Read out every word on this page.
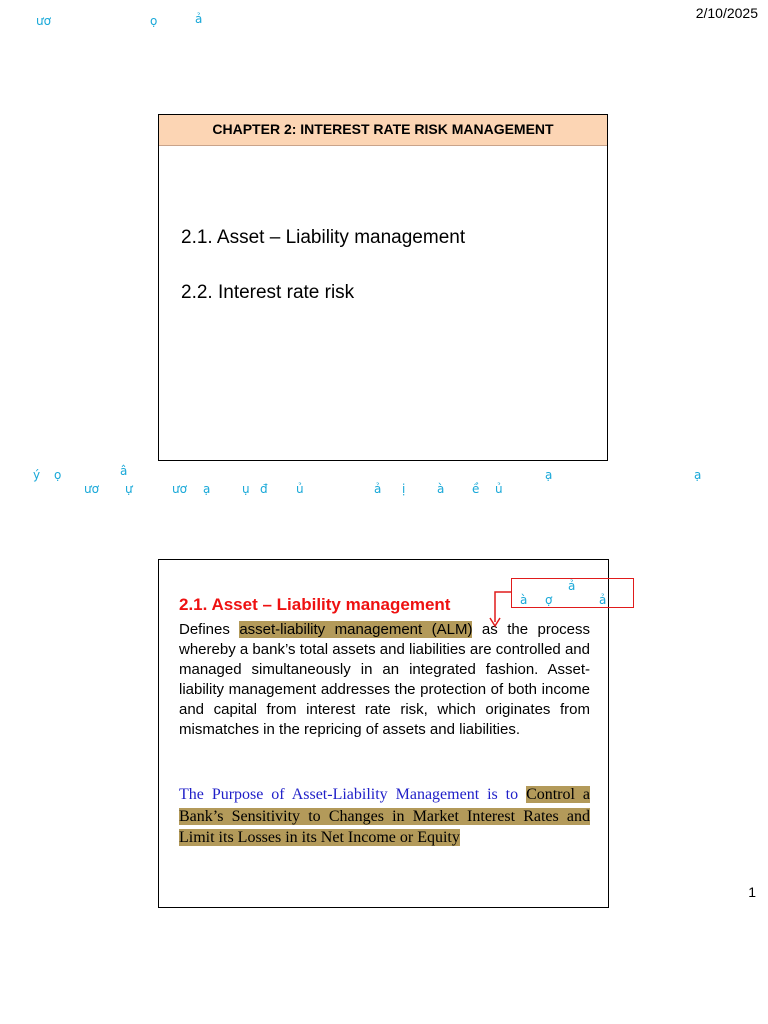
ươ	ọ	ả	2/10/2025
CHAPTER 2: INTEREST RATE RISK MANAGEMENT
2.1. Asset – Liability management
2.2. Interest rate risk
ý ọ	â	ạ	ạ
ươ ự	ươ ạ	ụ đ ủ	ả ị	à ề ủ
2.1. Asset – Liability management
Defines asset-liability management (ALM) as the process whereby a bank’s total assets and liabilities are controlled and managed simultaneously in an integrated fashion. Asset-liability management addresses the protection of both income and capital from interest rate risk, which originates from mismatches in the repricing of assets and liabilities.
The Purpose of Asset-Liability Management is to Control a Bank’s Sensitivity to Changes in Market Interest Rates and Limit its Losses in its Net Income or Equity
ả
à ợ	ả
1
